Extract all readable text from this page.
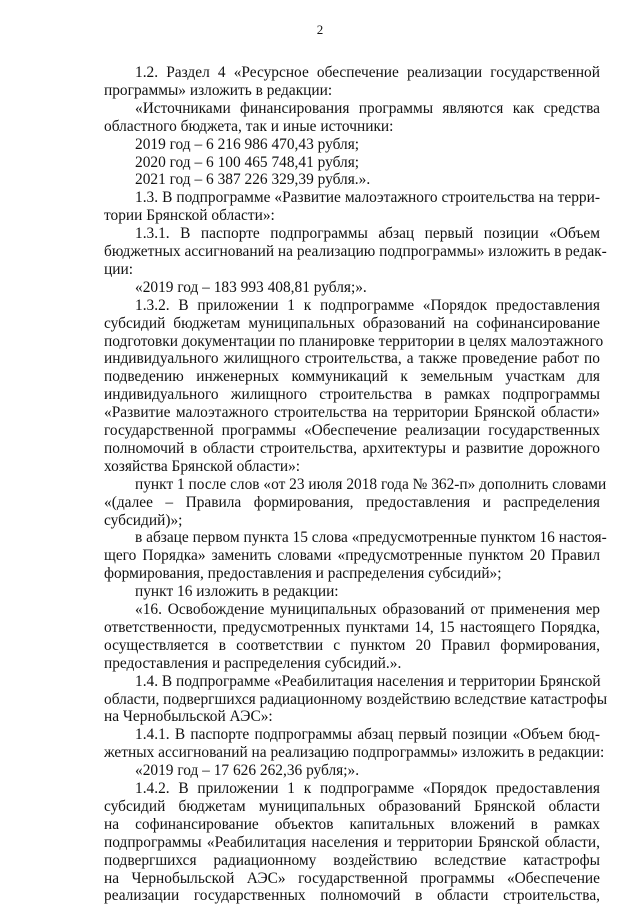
2
1.2. Раздел 4 «Ресурсное обеспечение реализации государственной
программы» изложить в редакции:
«Источниками финансирования программы являются как средства
областного бюджета, так и иные источники:
2019 год – 6 216 986 470,43 рубля;
2020 год – 6 100 465 748,41 рубля;
2021 год – 6 387 226 329,39 рубля.».
1.3. В подпрограмме «Развитие малоэтажного строительства на терри-
тории Брянской области»:
1.3.1. В паспорте подпрограммы абзац первый позиции «Объем
бюджетных ассигнований на реализацию подпрограммы» изложить в редак-
ции:
«2019 год – 183 993 408,81 рубля;».
1.3.2. В приложении 1 к подпрограмме «Порядок предоставления
субсидий бюджетам муниципальных образований на софинансирование
подготовки документации по планировке территории в целях малоэтажного
индивидуального жилищного строительства, а также проведение работ по
подведению инженерных коммуникаций к земельным участкам для
индивидуального жилищного строительства в рамках подпрограммы
«Развитие малоэтажного строительства на территории Брянской области»
государственной программы «Обеспечение реализации государственных
полномочий в области строительства, архитектуры и развитие дорожного
хозяйства Брянской области»:
пункт 1 после слов «от 23 июля 2018 года № 362-п» дополнить словами
«(далее – Правила формирования, предоставления и распределения
субсидий)»;
в абзаце первом пункта 15 слова «предусмотренные пунктом 16 настоя-
щего Порядка» заменить словами «предусмотренные пунктом 20 Правил
формирования, предоставления и распределения субсидий»;
пункт 16 изложить в редакции:
«16. Освобождение муниципальных образований от применения мер
ответственности, предусмотренных пунктами 14, 15 настоящего Порядка,
осуществляется в соответствии с пунктом 20 Правил формирования,
предоставления и распределения субсидий.».
1.4. В подпрограмме «Реабилитация населения и территории Брянской
области, подвергшихся радиационному воздействию вследствие катастрофы
на Чернобыльской АЭС»:
1.4.1. В паспорте подпрограммы абзац первый позиции «Объем бюд-
жетных ассигнований на реализацию подпрограммы» изложить в редакции:
«2019 год – 17 626 262,36 рубля;».
1.4.2. В приложении 1 к подпрограмме «Порядок предоставления
субсидий бюджетам муниципальных образований Брянской области
на софинансирование объектов капитальных вложений в рамках
подпрограммы «Реабилитация населения и территории Брянской области,
подвергшихся радиационному воздействию вследствие катастрофы
на Чернобыльской АЭС» государственной программы «Обеспечение
реализации государственных полномочий в области строительства,
